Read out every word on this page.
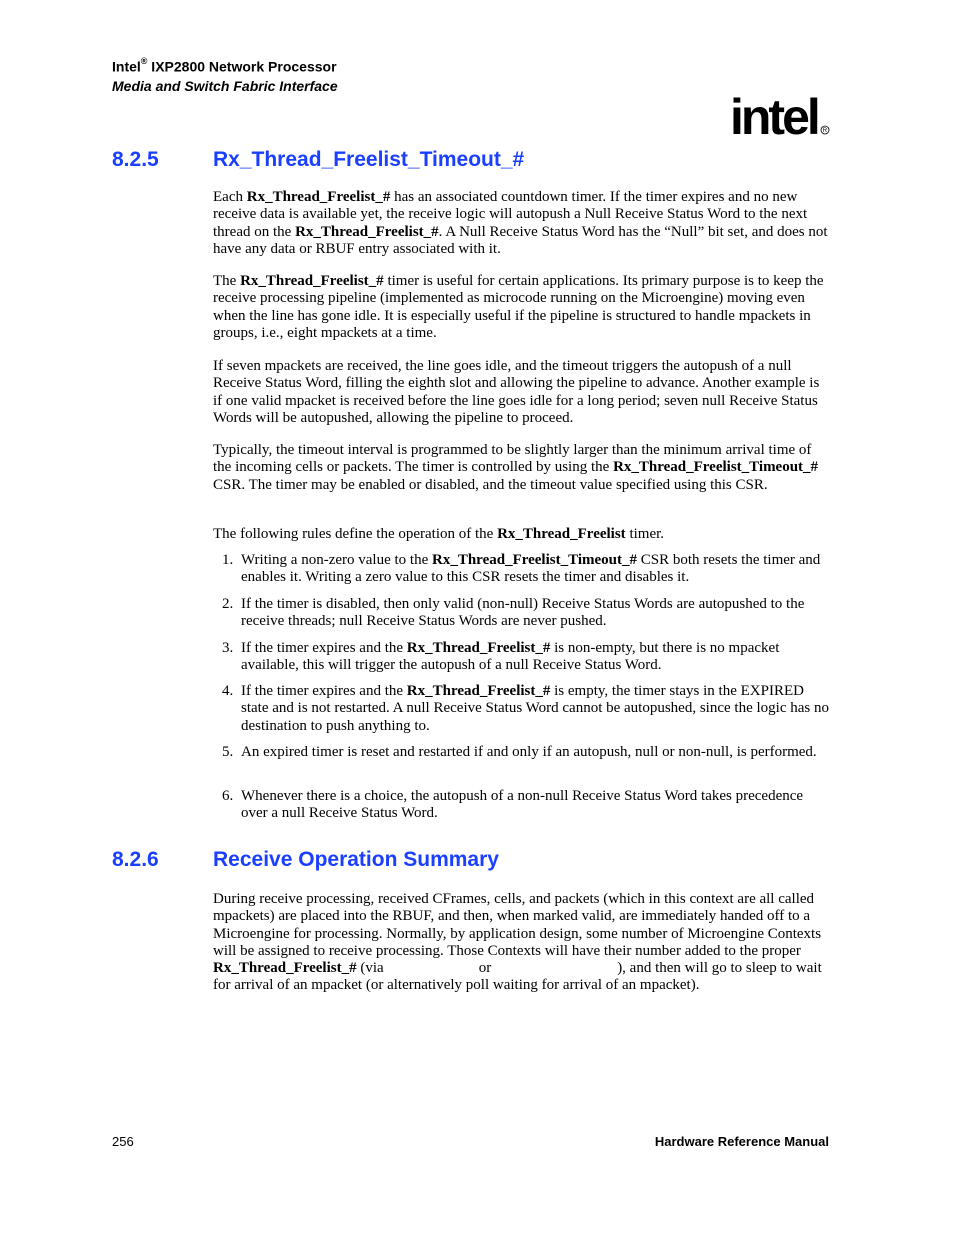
Intel® IXP2800 Network Processor
Media and Switch Fabric Interface
intel R
8.2.5	Rx_Thread_Freelist_Timeout_#
Each Rx_Thread_Freelist_# has an associated countdown timer. If the timer expires and no new receive data is available yet, the receive logic will autopush a Null Receive Status Word to the next thread on the Rx_Thread_Freelist_#. A Null Receive Status Word has the “Null” bit set, and does not have any data or RBUF entry associated with it.
The Rx_Thread_Freelist_# timer is useful for certain applications. Its primary purpose is to keep the receive processing pipeline (implemented as microcode running on the Microengine) moving even when the line has gone idle. It is especially useful if the pipeline is structured to handle mpackets in groups, i.e., eight mpackets at a time.
If seven mpackets are received, the line goes idle, and the timeout triggers the autopush of a null Receive Status Word, filling the eighth slot and allowing the pipeline to advance. Another example is if one valid mpacket is received before the line goes idle for a long period; seven null Receive Status Words will be autopushed, allowing the pipeline to proceed.
Typically, the timeout interval is programmed to be slightly larger than the minimum arrival time of the incoming cells or packets. The timer is controlled by using the Rx_Thread_Freelist_Timeout_# CSR. The timer may be enabled or disabled, and the timeout value specified using this CSR.
The following rules define the operation of the Rx_Thread_Freelist timer.
1. Writing a non-zero value to the Rx_Thread_Freelist_Timeout_# CSR both resets the timer and enables it. Writing a zero value to this CSR resets the timer and disables it.
2. If the timer is disabled, then only valid (non-null) Receive Status Words are autopushed to the receive threads; null Receive Status Words are never pushed.
3. If the timer expires and the Rx_Thread_Freelist_# is non-empty, but there is no mpacket available, this will trigger the autopush of a null Receive Status Word.
4. If the timer expires and the Rx_Thread_Freelist_# is empty, the timer stays in the EXPIRED state and is not restarted. A null Receive Status Word cannot be autopushed, since the logic has no destination to push anything to.
5. An expired timer is reset and restarted if and only if an autopush, null or non-null, is performed.
6. Whenever there is a choice, the autopush of a non-null Receive Status Word takes precedence over a null Receive Status Word.
8.2.6	Receive Operation Summary
During receive processing, received CFrames, cells, and packets (which in this context are all called mpackets) are placed into the RBUF, and then, when marked valid, are immediately handed off to a Microengine for processing. Normally, by application design, some number of Microengine Contexts will be assigned to receive processing. Those Contexts will have their number added to the proper Rx_Thread_Freelist_# (via	or	), and then will go to sleep to wait for arrival of an mpacket (or alternatively poll waiting for arrival of an mpacket).
256	Hardware Reference Manual
